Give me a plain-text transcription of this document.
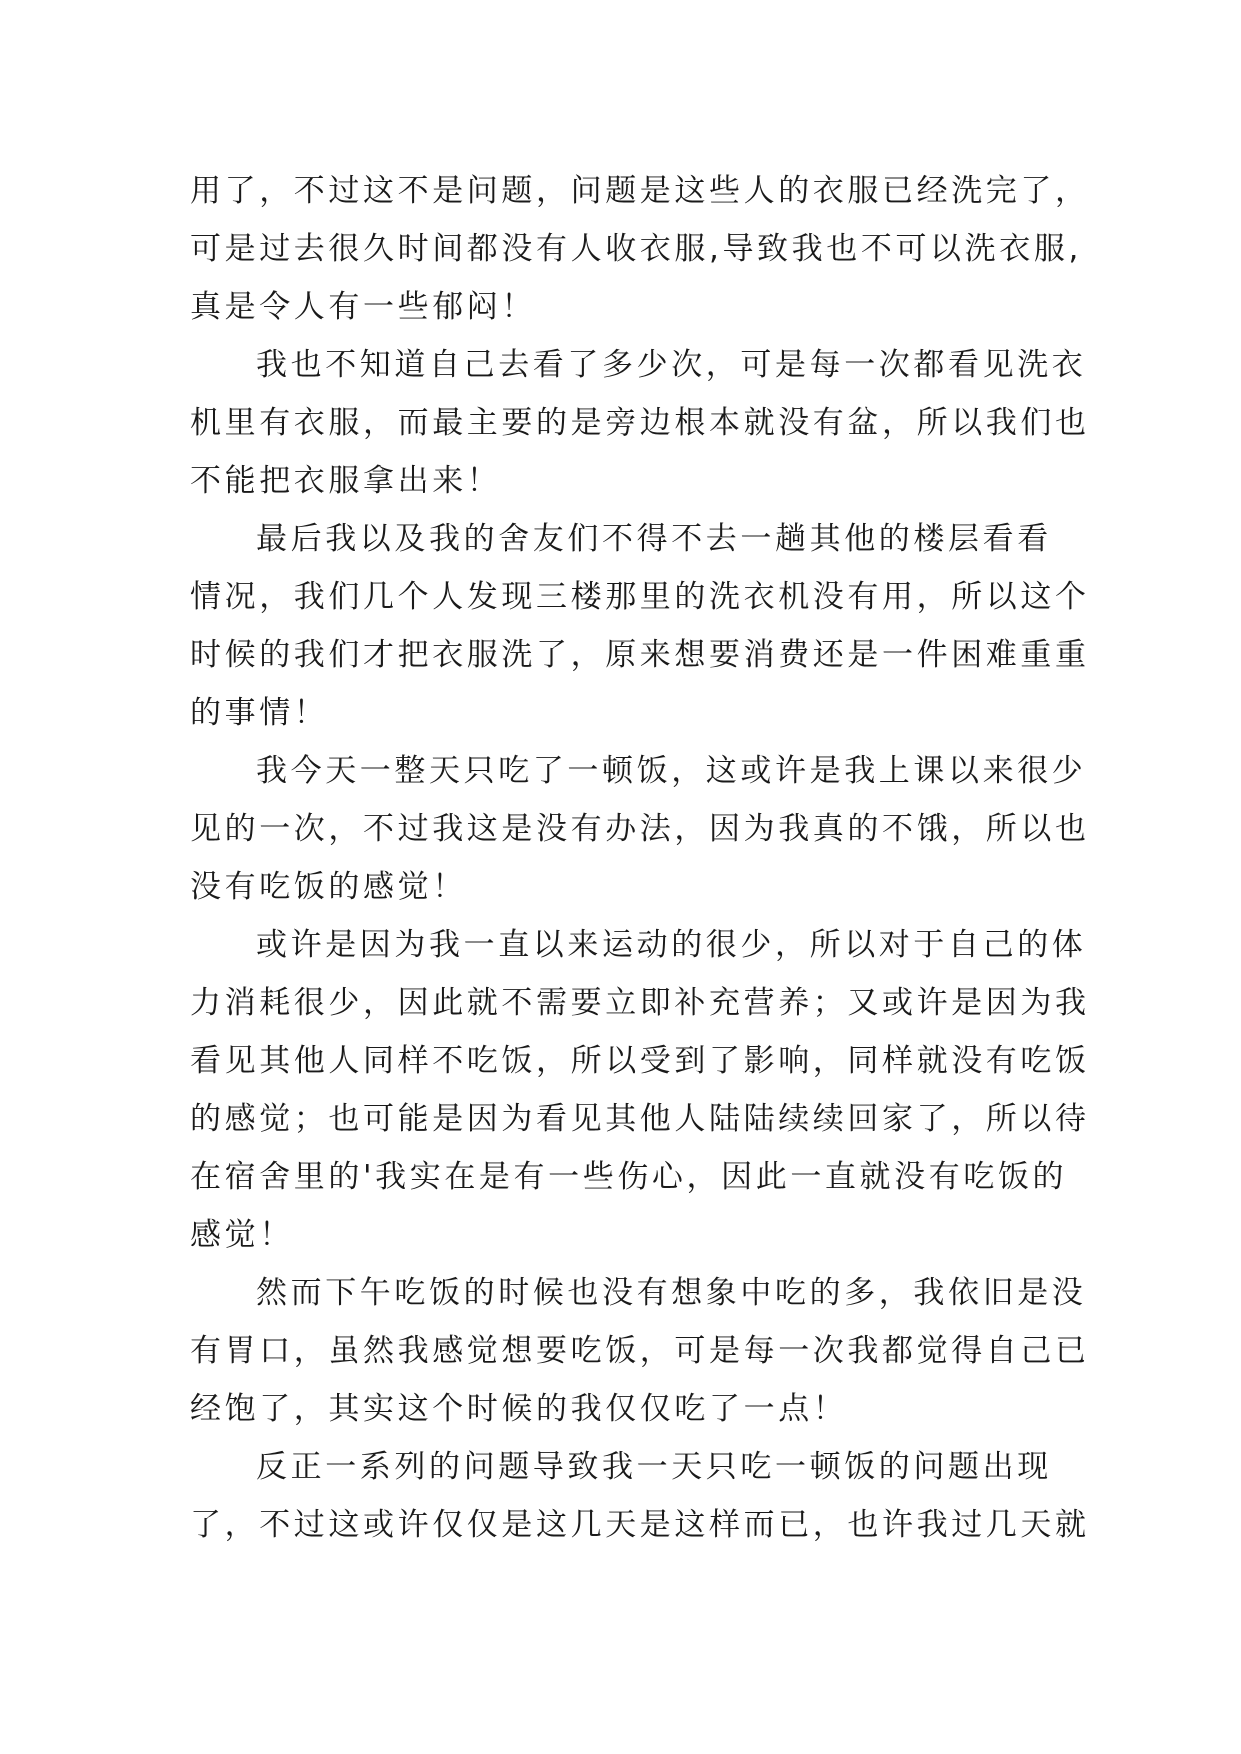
用了，不过这不是问题，问题是这些人的衣服已经洗完了，
可是过去很久时间都没有人收衣服,导致我也不可以洗衣服,
真是令人有一些郁闷！
我也不知道自己去看了多少次，可是每一次都看见洗衣
机里有衣服，而最主要的是旁边根本就没有盆，所以我们也
不能把衣服拿出来！
最后我以及我的舍友们不得不去一趟其他的楼层看看
情况，我们几个人发现三楼那里的洗衣机没有用，所以这个
时候的我们才把衣服洗了，原来想要消费还是一件困难重重
的事情！
我今天一整天只吃了一顿饭，这或许是我上课以来很少
见的一次，不过我这是没有办法，因为我真的不饿，所以也
没有吃饭的感觉！
或许是因为我一直以来运动的很少，所以对于自己的体
力消耗很少，因此就不需要立即补充营养；又或许是因为我
看见其他人同样不吃饭，所以受到了影响，同样就没有吃饭
的感觉；也可能是因为看见其他人陆陆续续回家了，所以待
在宿舍里的'我实在是有一些伤心，因此一直就没有吃饭的
感觉！
然而下午吃饭的时候也没有想象中吃的多，我依旧是没
有胃口，虽然我感觉想要吃饭，可是每一次我都觉得自己已
经饱了，其实这个时候的我仅仅吃了一点！
反正一系列的问题导致我一天只吃一顿饭的问题出现
了，不过这或许仅仅是这几天是这样而已，也许我过几天就
